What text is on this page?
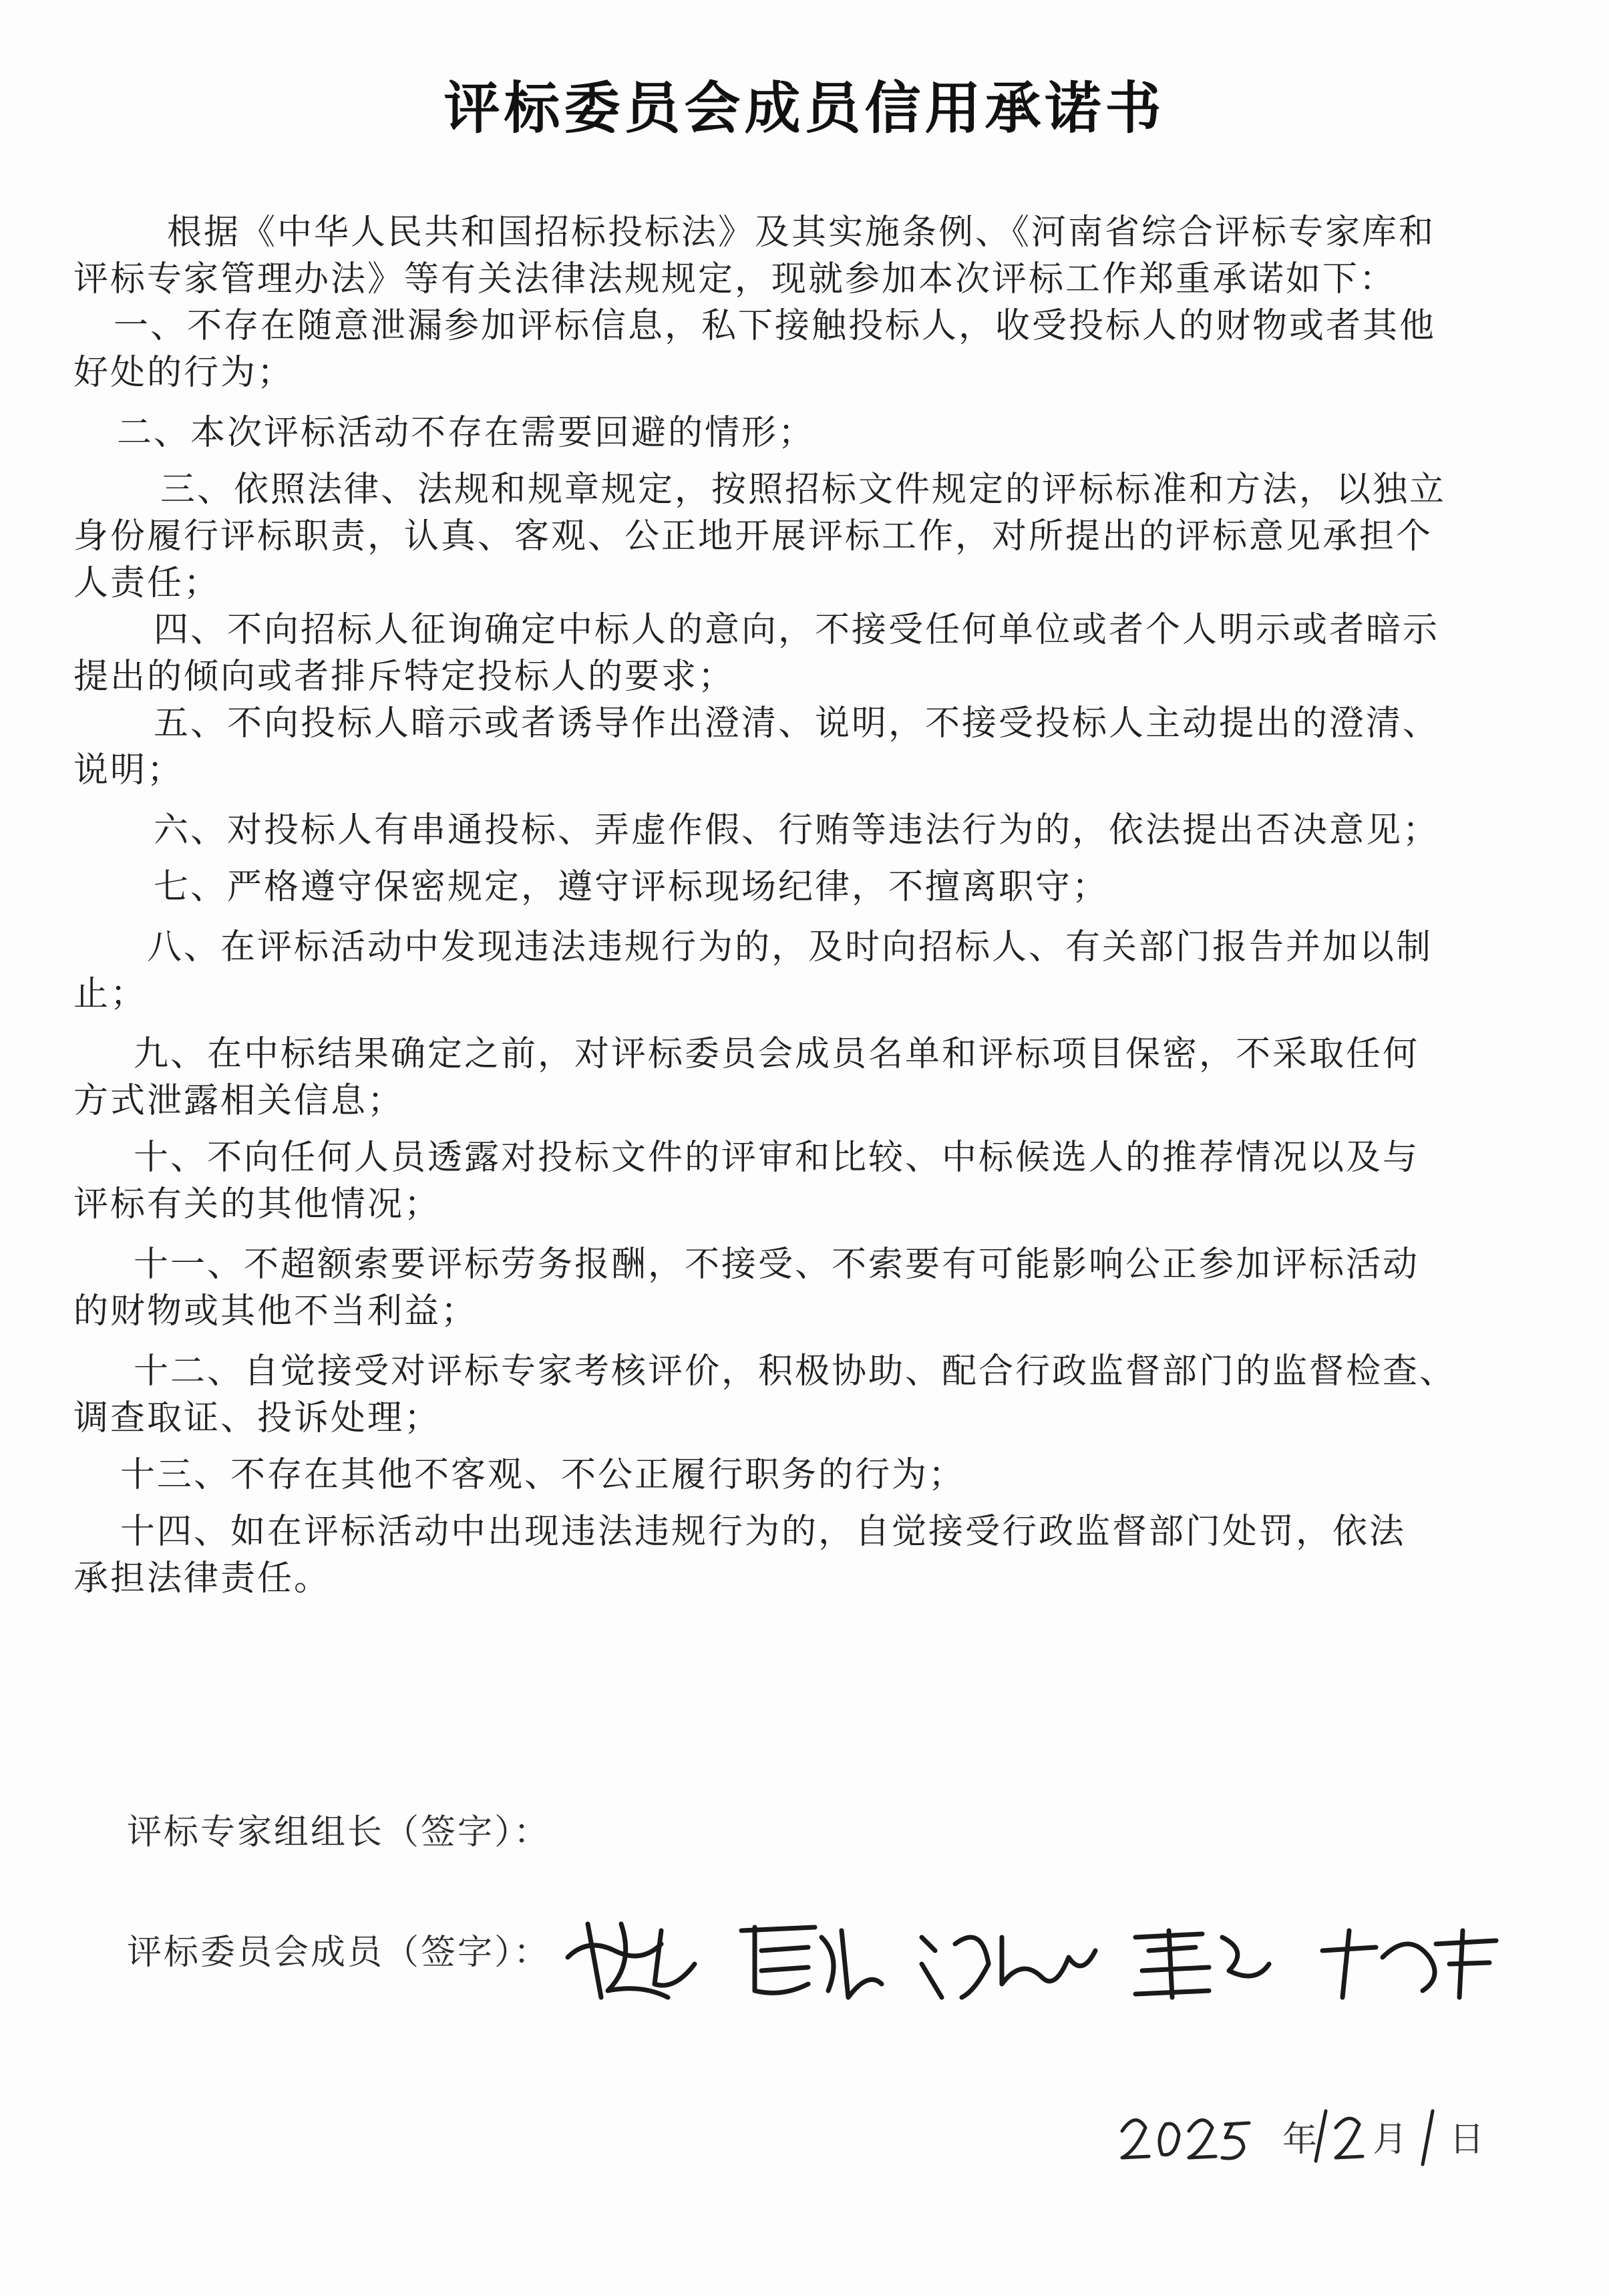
评标委员会成员信用承诺书
根据《中华人民共和国招标投标法》及其实施条例、《河南省综合评标专家库和
评标专家管理办法》等有关法律法规规定，现就参加本次评标工作郑重承诺如下：
一、不存在随意泄漏参加评标信息，私下接触投标人，收受投标人的财物或者其他
好处的行为；
二、本次评标活动不存在需要回避的情形；
三、依照法律、法规和规章规定，按照招标文件规定的评标标准和方法，以独立
身份履行评标职责，认真、客观、公正地开展评标工作，对所提出的评标意见承担个
人责任；
四、不向招标人征询确定中标人的意向，不接受任何单位或者个人明示或者暗示
提出的倾向或者排斥特定投标人的要求；
五、不向投标人暗示或者诱导作出澄清、说明，不接受投标人主动提出的澄清、
说明；
六、对投标人有串通投标、弄虚作假、行贿等违法行为的，依法提出否决意见；
七、严格遵守保密规定，遵守评标现场纪律，不擅离职守；
八、在评标活动中发现违法违规行为的，及时向招标人、有关部门报告并加以制
止；
九、在中标结果确定之前，对评标委员会成员名单和评标项目保密，不采取任何
方式泄露相关信息；
十、不向任何人员透露对投标文件的评审和比较、中标候选人的推荐情况以及与
评标有关的其他情况；
十一、不超额索要评标劳务报酬，不接受、不索要有可能影响公正参加评标活动
的财物或其他不当利益；
十二、自觉接受对评标专家考核评价，积极协助、配合行政监督部门的监督检查、
调查取证、投诉处理；
十三、不存在其他不客观、不公正履行职务的行为；
十四、如在评标活动中出现违法违规行为的，自觉接受行政监督部门处罚，依法
承担法律责任。
评标专家组组长（签字）：
评标委员会成员（签字）：
年 月 日
